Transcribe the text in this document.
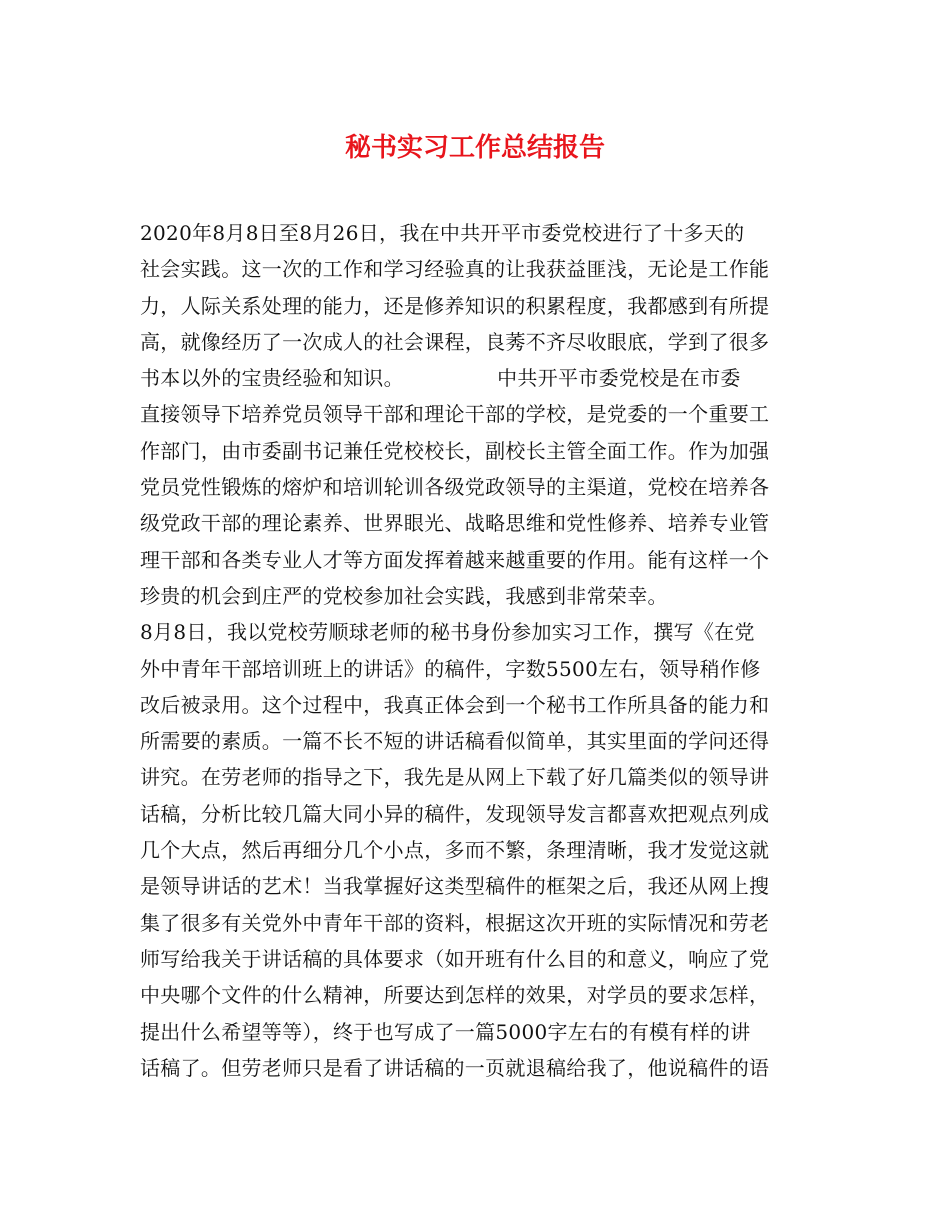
秘书实习工作总结报告
2020年8月8日至8月26日，我在中共开平市委党校进行了十多天的
社会实践。这一次的工作和学习经验真的让我获益匪浅，无论是工作能
力，人际关系处理的能力，还是修养知识的积累程度，我都感到有所提
高，就像经历了一次成人的社会课程，良莠不齐尽收眼底，学到了很多
书本以外的宝贵经验和知识。              中共开平市委党校是在市委
直接领导下培养党员领导干部和理论干部的学校，是党委的一个重要工
作部门，由市委副书记兼任党校校长，副校长主管全面工作。作为加强
党员党性锻炼的熔炉和培训轮训各级党政领导的主渠道，党校在培养各
级党政干部的理论素养、世界眼光、战略思维和党性修养、培养专业管
理干部和各类专业人才等方面发挥着越来越重要的作用。能有这样一个
珍贵的机会到庄严的党校参加社会实践，我感到非常荣幸。
8月8日，我以党校劳顺球老师的秘书身份参加实习工作，撰写《在党
外中青年干部培训班上的讲话》的稿件，字数5500左右，领导稍作修
改后被录用。这个过程中，我真正体会到一个秘书工作所具备的能力和
所需要的素质。一篇不长不短的讲话稿看似简单，其实里面的学问还得
讲究。在劳老师的指导之下，我先是从网上下载了好几篇类似的领导讲
话稿，分析比较几篇大同小异的稿件，发现领导发言都喜欢把观点列成
几个大点，然后再细分几个小点，多而不繁，条理清晰，我才发觉这就
是领导讲话的艺术！当我掌握好这类型稿件的框架之后，我还从网上搜
集了很多有关党外中青年干部的资料，根据这次开班的实际情况和劳老
师写给我关于讲话稿的具体要求（如开班有什么目的和意义，响应了党
中央哪个文件的什么精神，所要达到怎样的效果，对学员的要求怎样，
提出什么希望等等），终于也写成了一篇5000字左右的有模有样的讲
话稿了。但劳老师只是看了讲话稿的一页就退稿给我了，他说稿件的语
